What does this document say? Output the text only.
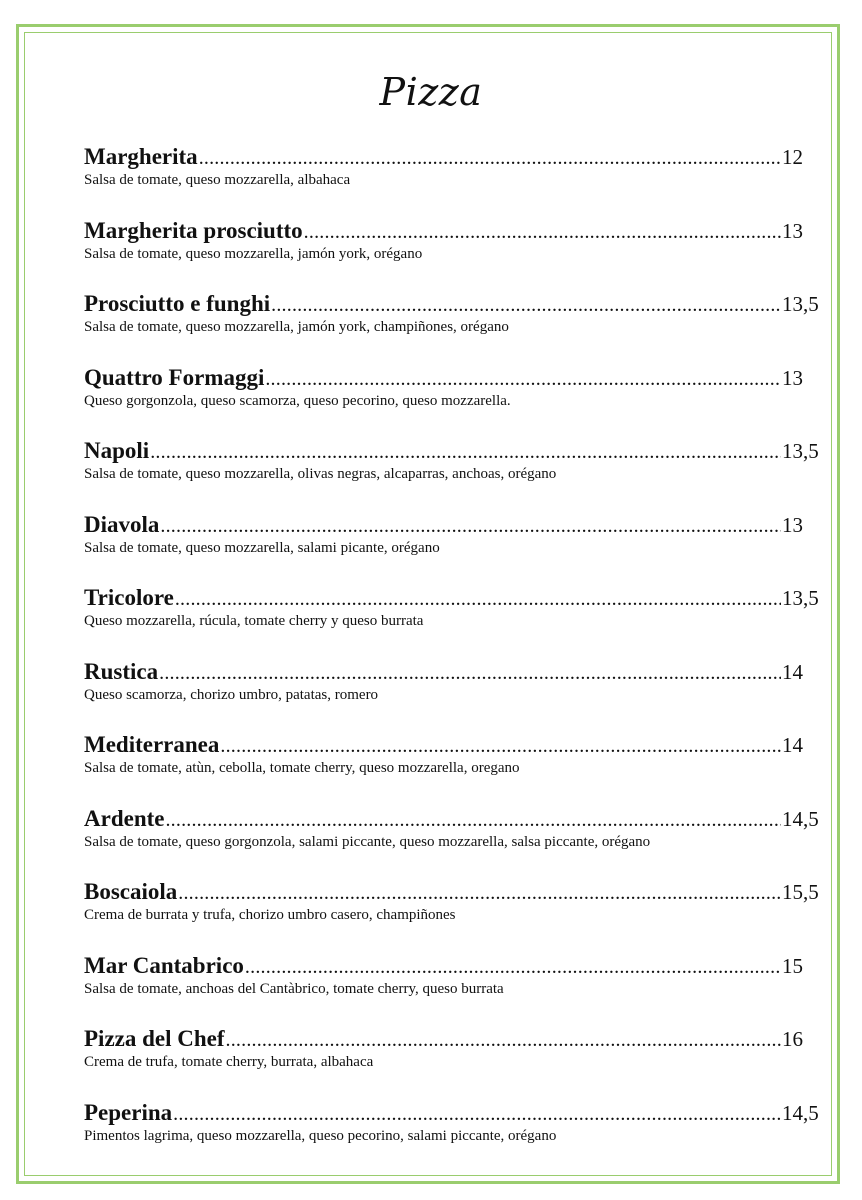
Pizza
Margherita .....	12
Salsa de tomate, queso mozzarella, albahaca
Margherita prosciutto .....	13
Salsa de tomate, queso mozzarella, jamón york, orégano
Prosciutto e funghi .....	13,5
Salsa de tomate, queso mozzarella, jamón york, champiñones, orégano
Quattro Formaggi .....	13
Queso gorgonzola, queso scamorza, queso pecorino, queso mozzarella.
Napoli .....	13,5
Salsa de tomate, queso mozzarella, olivas negras, alcaparras, anchoas, orégano
Diavola .....	13
Salsa de tomate, queso mozzarella, salami picante, orégano
Tricolore .....	13,5
Queso mozzarella, rúcula, tomate cherry y queso burrata
Rustica .....	14
Queso scamorza, chorizo umbro, patatas, romero
Mediterranea .....	14
Salsa de tomate, atùn, cebolla, tomate cherry, queso mozzarella, oregano
Ardente .....	14,5
Salsa de tomate, queso gorgonzola, salami piccante, queso mozzarella, salsa piccante, orégano
Boscaiola .....	15,5
Crema de burrata y trufa, chorizo umbro casero, champiñones
Mar Cantabrico .....	15
Salsa de tomate, anchoas del Cantàbrico, tomate cherry, queso burrata
Pizza del Chef .....	16
Crema de trufa, tomate cherry, burrata, albahaca
Peperina .....	14,5
Pimentos lagrima, queso mozzarella, queso pecorino, salami piccante, orégano
